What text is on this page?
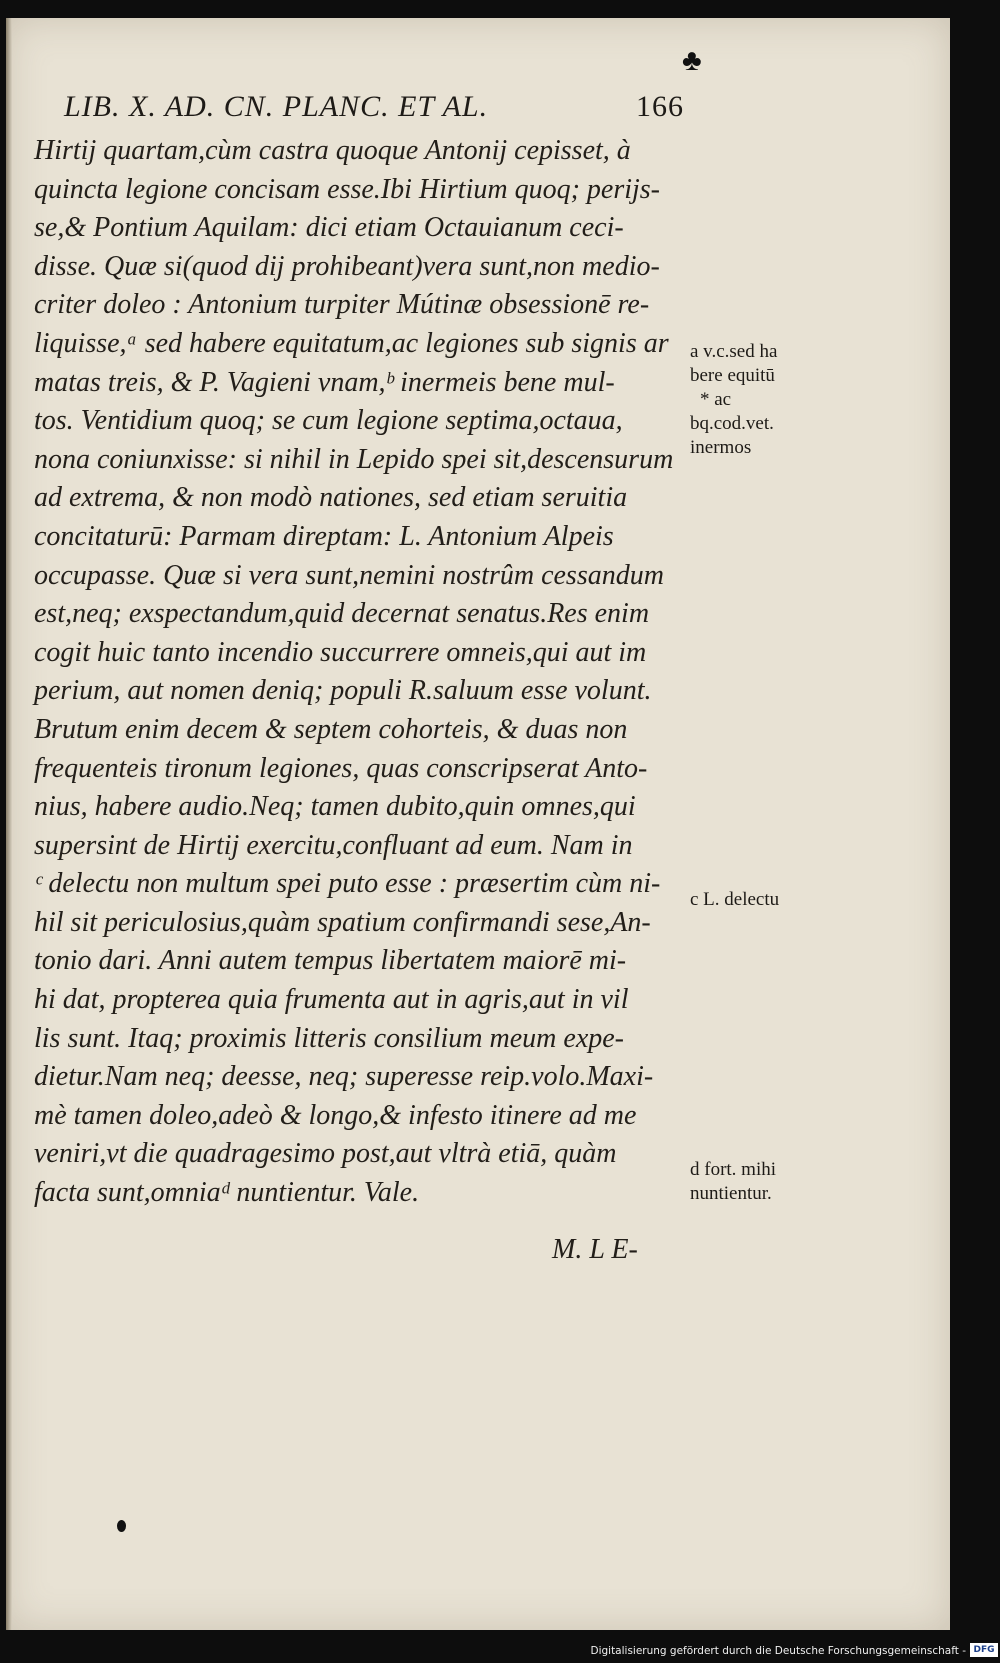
♣
LIB. X. AD. CN. PLANC. ET AL.	166
Hirtij quartam,cùm castra quoque Antonij cepisset, à
quincta legione concisam esse.Ibi Hirtium quoq; perijs-
se,& Pontium Aquilam: dici etiam Octauianum ceci-
disse. Quæ si(quod dij prohibeant)vera sunt,non medio-
criter doleo : Antonium turpiter Mútinæ obsessionē re-
liquisse,ᵃ sed habere equitatum,ac legiones sub signis ar
matas treis, & P. Vagieni vnam,ᵇ inermeis bene mul-
tos. Ventidium quoq; se cum legione septima,octaua,
nona coniunxisse: si nihil in Lepido spei sit,descensurum
ad extrema, & non modò nationes, sed etiam seruitia
concitaturū: Parmam direptam: L. Antonium Alpeis
occupasse. Quæ si vera sunt,nemini nostrûm cessandum
est,neq; exspectandum,quid decernat senatus.Res enim
cogit huic tanto incendio succurrere omneis,qui aut im
perium, aut nomen deniq; populi R.saluum esse volunt.
Brutum enim decem & septem cohorteis, & duas non
frequenteis tironum legiones, quas conscripserat Anto-
nius, habere audio.Neq; tamen dubito,quin omnes,qui
supersint de Hirtij exercitu,confluant ad eum. Nam in
ᶜ delectu non multum spei puto esse : præsertim cùm ni-
hil sit periculosius,quàm spatium confirmandi sese,An-
tonio dari. Anni autem tempus libertatem maiorē mi-
hi dat, propterea quia frumenta aut in agris,aut in vil
lis sunt. Itaq; proximis litteris consilium meum expe-
dietur.Nam neq; deesse, neq; superesse reip.volo.Maxi-
mè tamen doleo,adeò & longo,& infesto itinere ad me
veniri,vt die quadragesimo post,aut vltrà etiā, quàm
facta sunt,omniaᵈ nuntientur. Vale.
a v.c.sed ha
bere equitū
* ac
bq.cod.vet.
inermos
c L. delectu
d fort. mihi
nuntientur.
M. L E-
Digitalisierung gefördert durch die Deutsche Forschungsgemeinschaft - DFG
